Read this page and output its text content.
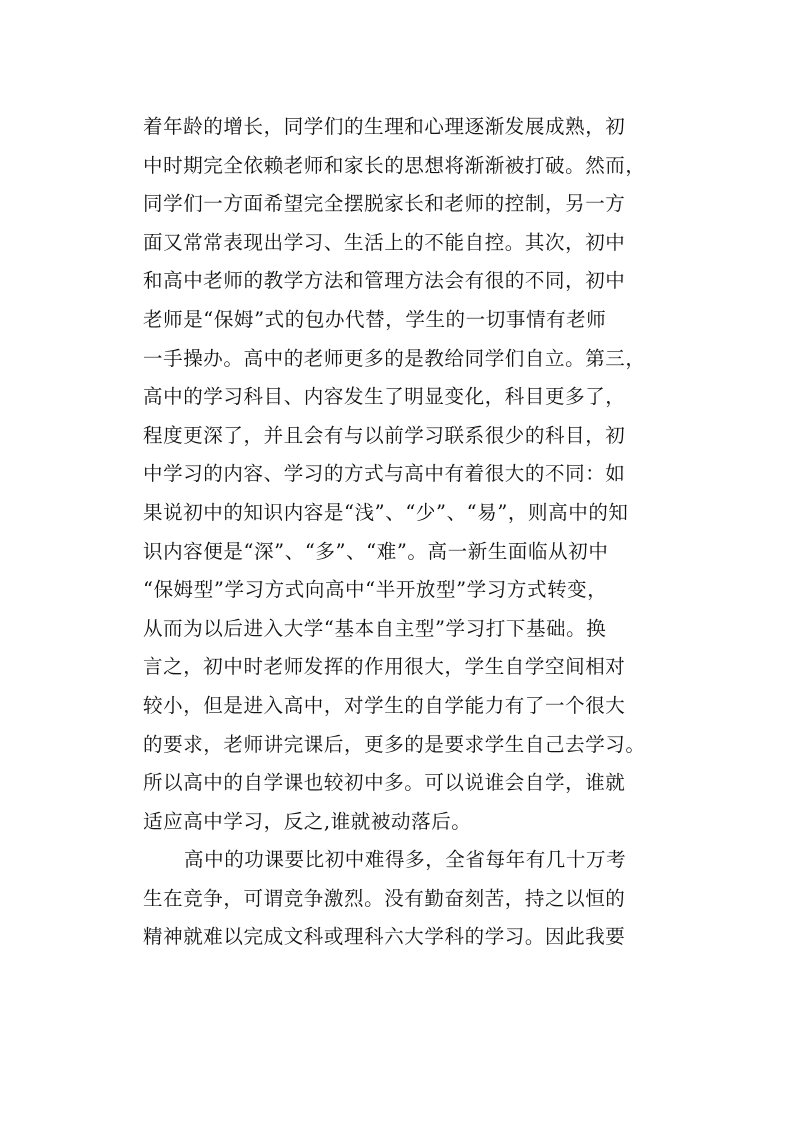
着年龄的增长，同学们的生理和心理逐渐发展成熟，初
中时期完全依赖老师和家长的思想将渐渐被打破。然而，
同学们一方面希望完全摆脱家长和老师的控制，另一方
面又常常表现出学习、生活上的不能自控。其次，初中
和高中老师的教学方法和管理方法会有很的不同，初中
老师是“保姆”式的包办代替，学生的一切事情有老师
一手操办。高中的老师更多的是教给同学们自立。第三，
高中的学习科目、内容发生了明显变化，科目更多了，
程度更深了，并且会有与以前学习联系很少的科目，初
中学习的内容、学习的方式与高中有着很大的不同：如
果说初中的知识内容是“浅”、“少”、“易”，则高中的知
识内容便是“深”、“多”、“难”。高一新生面临从初中
“保姆型”学习方式向高中“半开放型”学习方式转变，
从而为以后进入大学“基本自主型”学习打下基础。换
言之，初中时老师发挥的作用很大，学生自学空间相对
较小，但是进入高中，对学生的自学能力有了一个很大
的要求，老师讲完课后，更多的是要求学生自己去学习。
所以高中的自学课也较初中多。可以说谁会自学，谁就
适应高中学习，反之,谁就被动落后。
高中的功课要比初中难得多，全省每年有几十万考
生在竞争，可谓竞争激烈。没有勤奋刻苦，持之以恒的
精神就难以完成文科或理科六大学科的学习。因此我要
